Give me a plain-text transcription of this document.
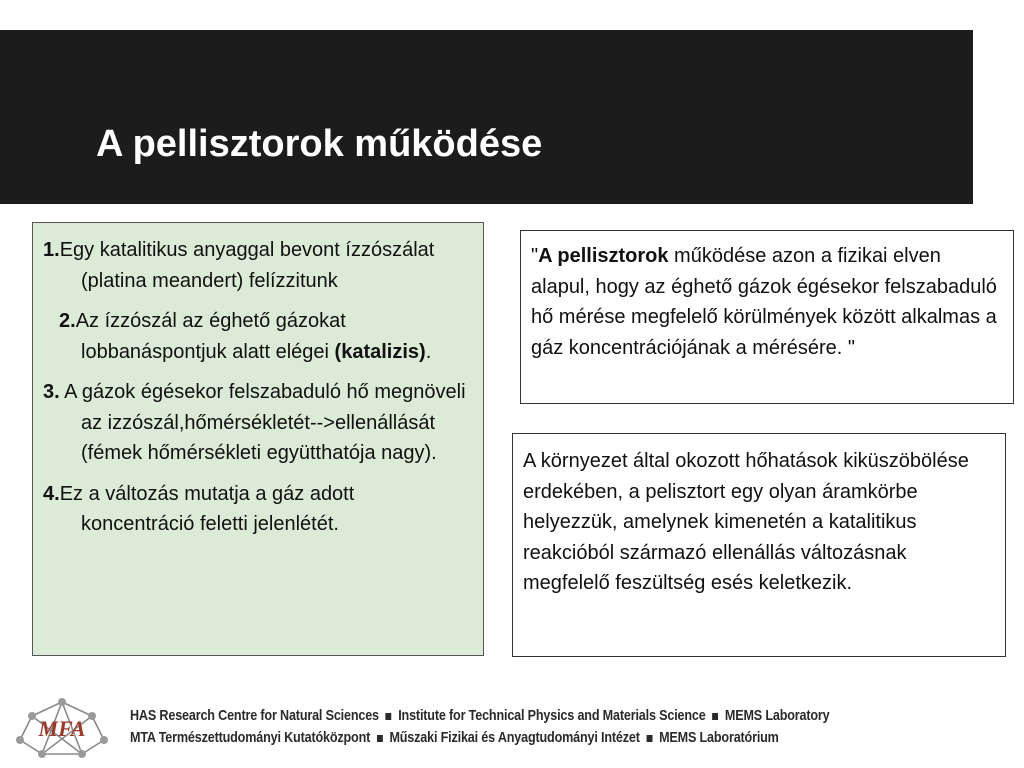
A pellisztorok működése
1.Egy katalitikus anyaggal bevont ízzószálat (platina meandert) felízzitunk
2.Az ízzószál az éghető gázokat lobbanáspontjuk alatt elégei (katalizis).
3. A gázok égésekor felszabaduló hő megnöveli az izzószál,hőmérsékletét-->ellenállását (fémek hőmérsékleti együtthatója nagy).
4.Ez a változás mutatja a gáz adott koncentráció feletti jelenlétét.
"A pellisztorok működése azon a fizikai elven alapul, hogy az éghető gázok égésekor felszabaduló hő mérése megfelelő körülmények között alkalmas a gáz koncentrációjának a mérésére. "
A környezet által okozott hőhatások kiküszöbölése erdekében, a pelisztort egy olyan áramkörbe helyezzük, amelynek kimenetén a katalitikus reakcióból származó ellenállás változásnak megfelelő feszültség esés keletkezik.
MFA
HAS Research Centre for Natural Sciences Institute for Technical Physics and Materials Science MEMS Laboratory
MTA Természettudományi Kutatóközpont Műszaki Fizikai és Anyagtudományi Intézet MEMS Laboratórium
